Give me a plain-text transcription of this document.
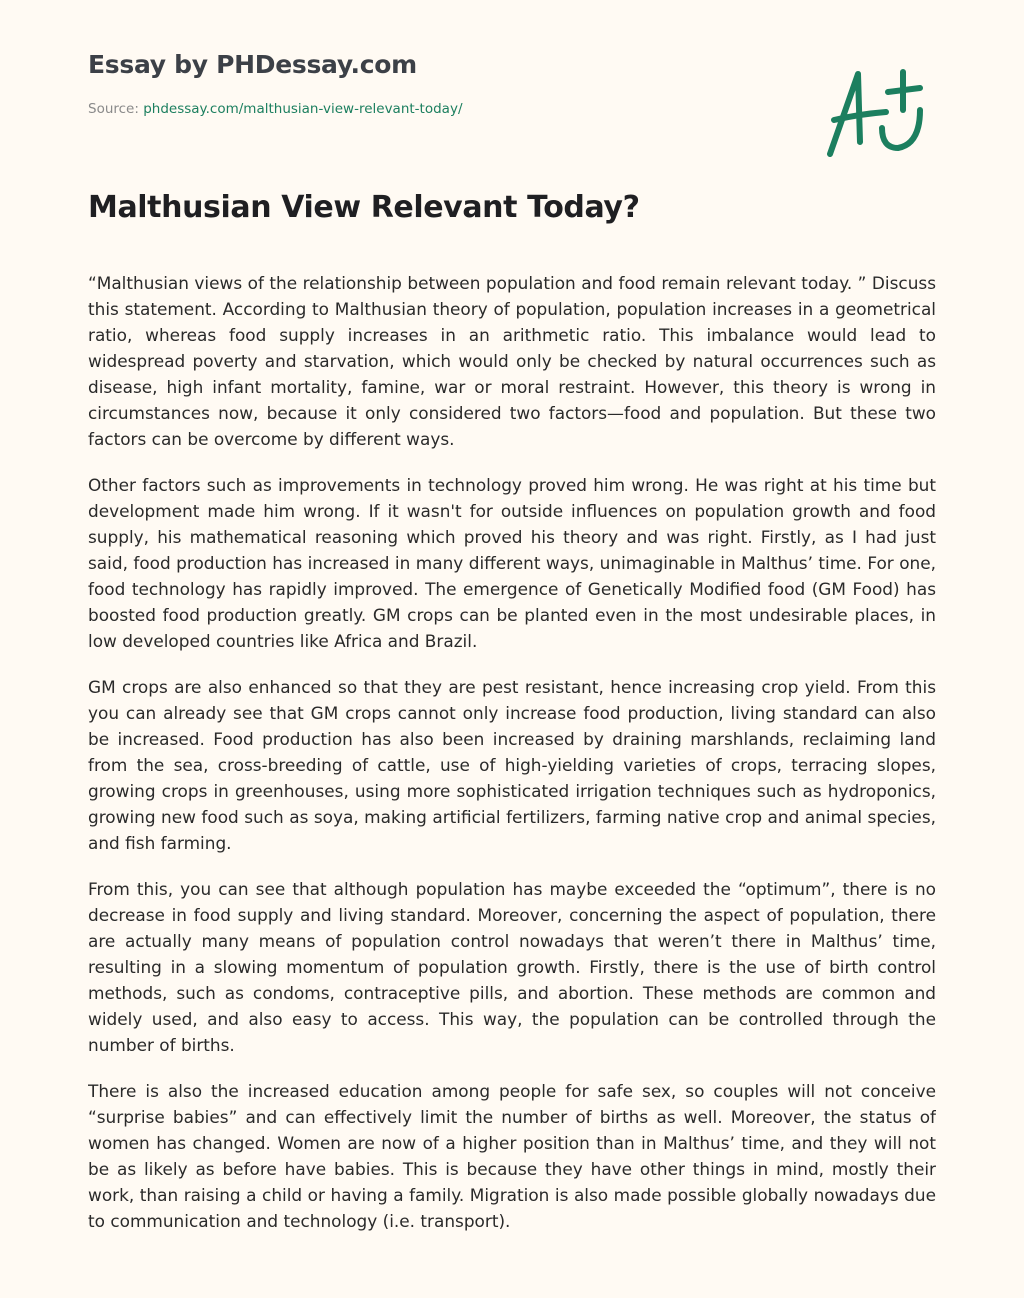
Essay by PHDessay.com
Source: phdessay.com/malthusian-view-relevant-today/
Malthusian View Relevant Today?

“Malthusian views of the relationship between population and food remain relevant today. ” Discuss this statement. According to Malthusian theory of population, population increases in a geometrical ratio, whereas food supply increases in an arithmetic ratio. This imbalance would lead to widespread poverty and starvation, which would only be checked by natural occurrences such as disease, high infant mortality, famine, war or moral restraint. However, this theory is wrong in circumstances now, because it only considered two factors—food and population. But these two factors can be overcome by different ways.

Other factors such as improvements in technology proved him wrong. He was right at his time but development made him wrong. If it wasn't for outside influences on population growth and food supply, his mathematical reasoning which proved his theory and was right. Firstly, as I had just said, food production has increased in many different ways, unimaginable in Malthus’ time. For one, food technology has rapidly improved. The emergence of Genetically Modified food (GM Food) has boosted food production greatly. GM crops can be planted even in the most undesirable places, in low developed countries like Africa and Brazil.

GM crops are also enhanced so that they are pest resistant, hence increasing crop yield. From this you can already see that GM crops cannot only increase food production, living standard can also be increased. Food production has also been increased by draining marshlands, reclaiming land from the sea, cross-breeding of cattle, use of high-yielding varieties of crops, terracing slopes, growing crops in greenhouses, using more sophisticated irrigation techniques such as hydroponics, growing new food such as soya, making artificial fertilizers, farming native crop and animal species, and fish farming.

From this, you can see that although population has maybe exceeded the “optimum”, there is no decrease in food supply and living standard. Moreover, concerning the aspect of population, there are actually many means of population control nowadays that weren’t there in Malthus’ time, resulting in a slowing momentum of population growth. Firstly, there is the use of birth control methods, such as condoms, contraceptive pills, and abortion. These methods are common and widely used, and also easy to access. This way, the population can be controlled through the number of births.

There is also the increased education among people for safe sex, so couples will not conceive “surprise babies” and can effectively limit the number of births as well. Moreover, the status of women has changed. Women are now of a higher position than in Malthus’ time, and they will not be as likely as before have babies. This is because they have other things in mind, mostly their work, than raising a child or having a family. Migration is also made possible globally nowadays due to communication and technology (i.e. transport).
